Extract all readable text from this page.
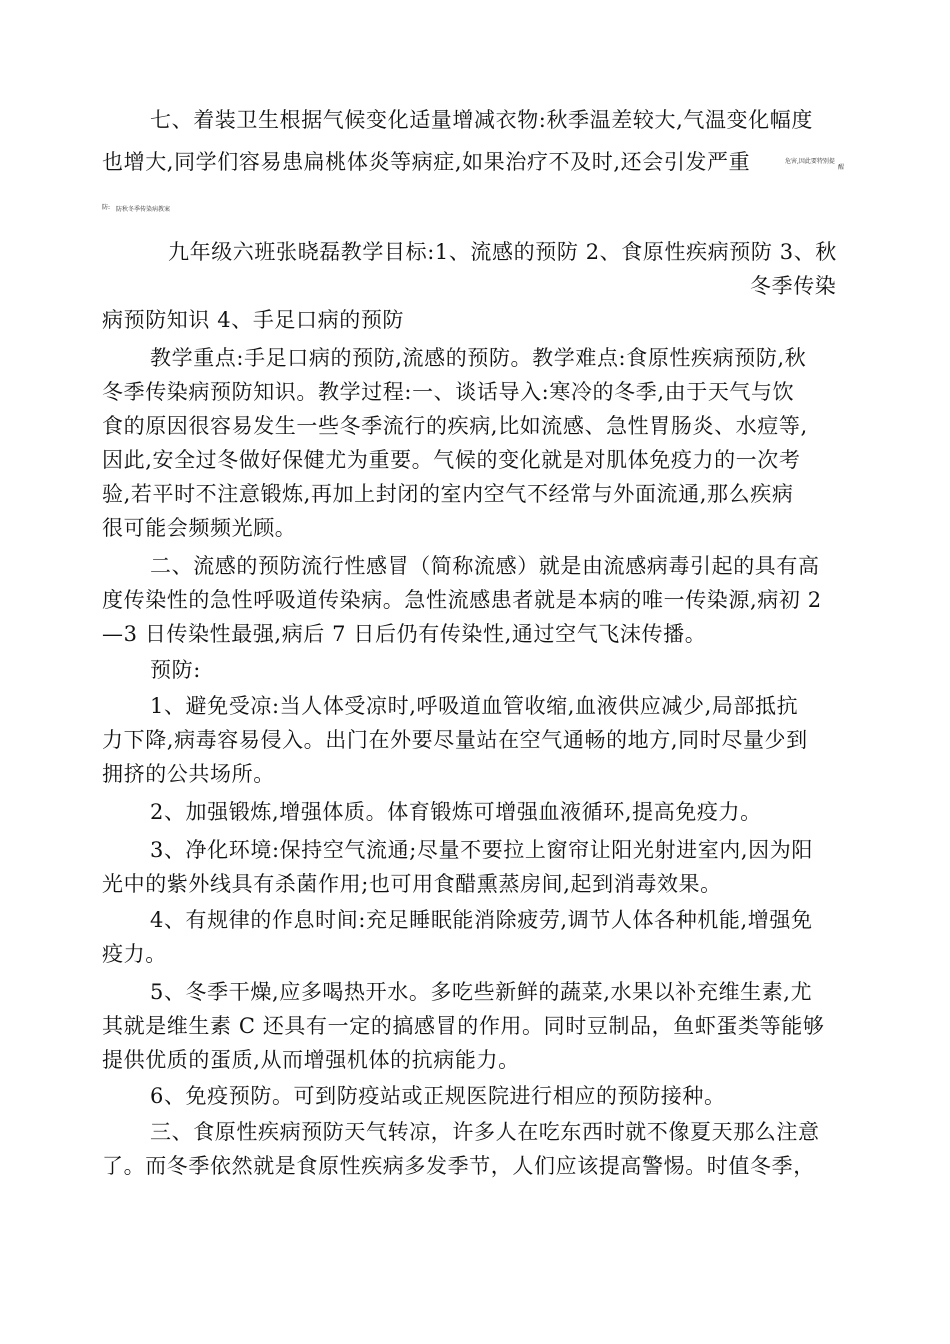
七、着装卫生根据气候变化适量增减衣物:秋季温差较大,气温变化幅度
也增大,同学们容易患扁桃体炎等病症,如果治疗不及时,还会引发严重	危害,因此要特别提
醒
防: 防秋冬季传染病教案
九年级六班张晓磊教学目标:1、流感的预防 2、食原性疾病预防 3、秋
冬季传染
病预防知识 4、手足口病的预防
教学重点:手足口病的预防,流感的预防。教学难点:食原性疾病预防,秋
冬季传染病预防知识。教学过程:一、谈话导入:寒冷的冬季,由于天气与饮
食的原因很容易发生一些冬季流行的疾病,比如流感、急性胃肠炎、水痘等,
因此,安全过冬做好保健尤为重要。气候的变化就是对肌体免疫力的一次考
验,若平时不注意锻炼,再加上封闭的室内空气不经常与外面流通,那么疾病
很可能会频频光顾。
二、流感的预防流行性感冒（简称流感）就是由流感病毒引起的具有高
度传染性的急性呼吸道传染病。急性流感患者就是本病的唯一传染源,病初 2
—3 日传染性最强,病后 7 日后仍有传染性,通过空气飞沫传播。
预防:
1、避免受凉:当人体受凉时,呼吸道血管收缩,血液供应减少,局部抵抗
力下降,病毒容易侵入。出门在外要尽量站在空气通畅的地方,同时尽量少到
拥挤的公共场所。
2、加强锻炼,增强体质。体育锻炼可增强血液循环,提高免疫力。
3、净化环境:保持空气流通;尽量不要拉上窗帘让阳光射进室内,因为阳
光中的紫外线具有杀菌作用;也可用食醋熏蒸房间,起到消毒效果。
4、有规律的作息时间:充足睡眠能消除疲劳,调节人体各种机能,增强免
疫力。
5、冬季干燥,应多喝热开水。多吃些新鲜的蔬菜,水果以补充维生素,尤
其就是维生素 C 还具有一定的搞感冒的作用。同时豆制品，鱼虾蛋类等能够
提供优质的蛋质,从而增强机体的抗病能力。
6、免疫预防。可到防疫站或正规医院进行相应的预防接种。
三、食原性疾病预防天气转凉，许多人在吃东西时就不像夏天那么注意
了。而冬季依然就是食原性疾病多发季节，人们应该提高警惕。时值冬季，
